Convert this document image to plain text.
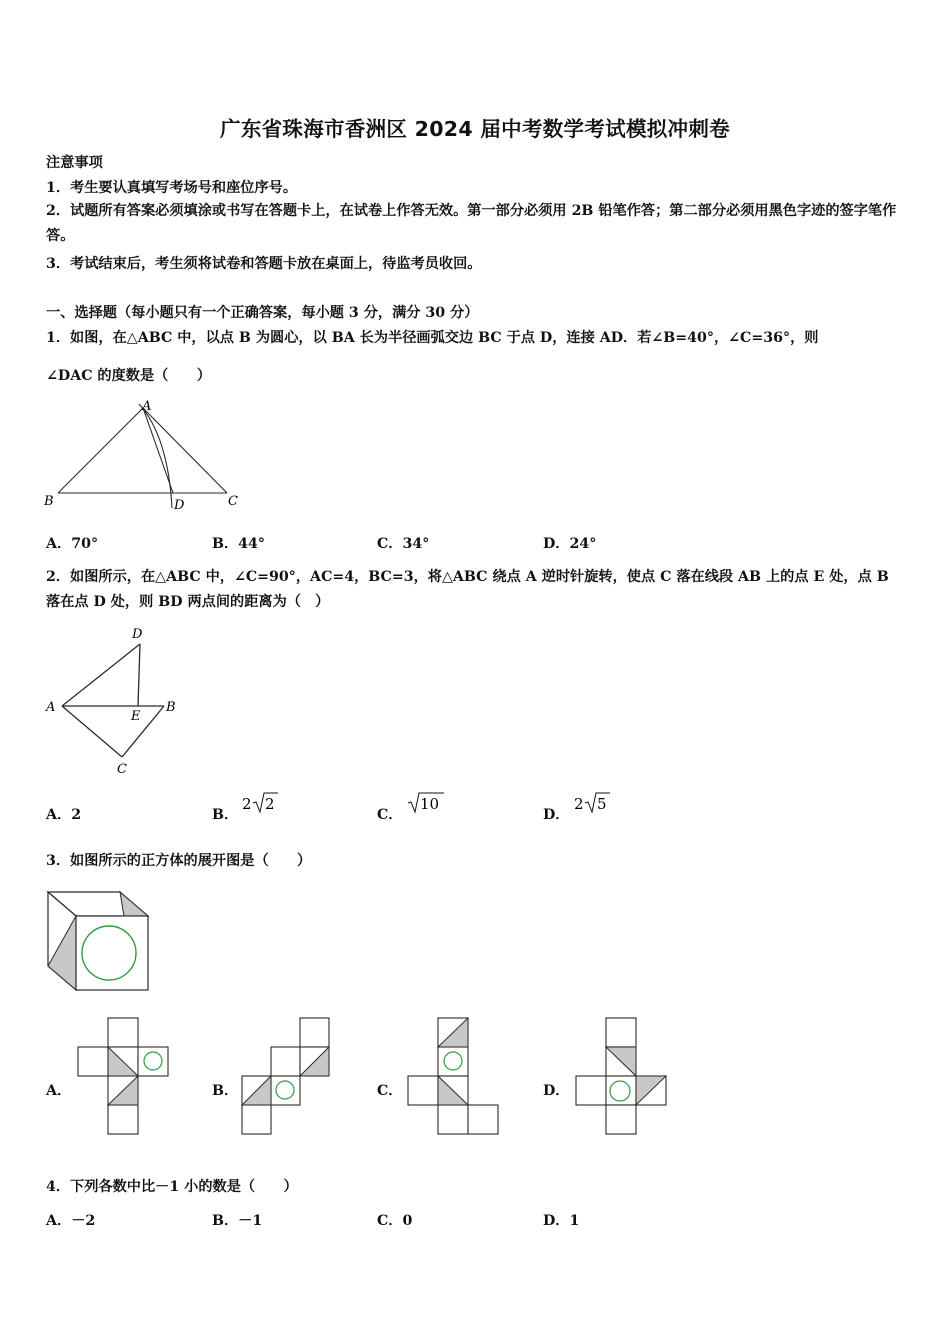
广东省珠海市香洲区 2024 届中考数学考试模拟冲刺卷
注意事项
1．考生要认真填写考场号和座位序号。
2．试题所有答案必须填涂或书写在答题卡上，在试卷上作答无效。第一部分必须用 2B 铅笔作答；第二部分必须用黑色字迹的签字笔作答。
3．考试结束后，考生须将试卷和答题卡放在桌面上，待监考员收回。
一、选择题（每小题只有一个正确答案，每小题 3 分，满分 30 分）
1．如图，在△ABC 中，以点 B 为圆心，以 BA 长为半径画弧交边 BC 于点 D，连接 AD．若∠B=40°，∠C=36°，则
∠DAC 的度数是（　　）
A
B	D	C
A．70°	B．44°	C．34°	D．24°
2．如图所示，在△ABC 中，∠C=90°，AC=4，BC=3，将△ABC 绕点 A 逆时针旋转，使点 C 落在线段 AB 上的点 E 处，点 B 落在点 D 处，则 BD 两点间的距离为（　）
D
A
E
B
C
A．2	B．
2 2
C．
10
D．
2 5
3．如图所示的正方体的展开图是（　　）
A．	B．	C．	D．
4．下列各数中比－1 小的数是（　　）
A．－2	B．－1	C．0	D．1
